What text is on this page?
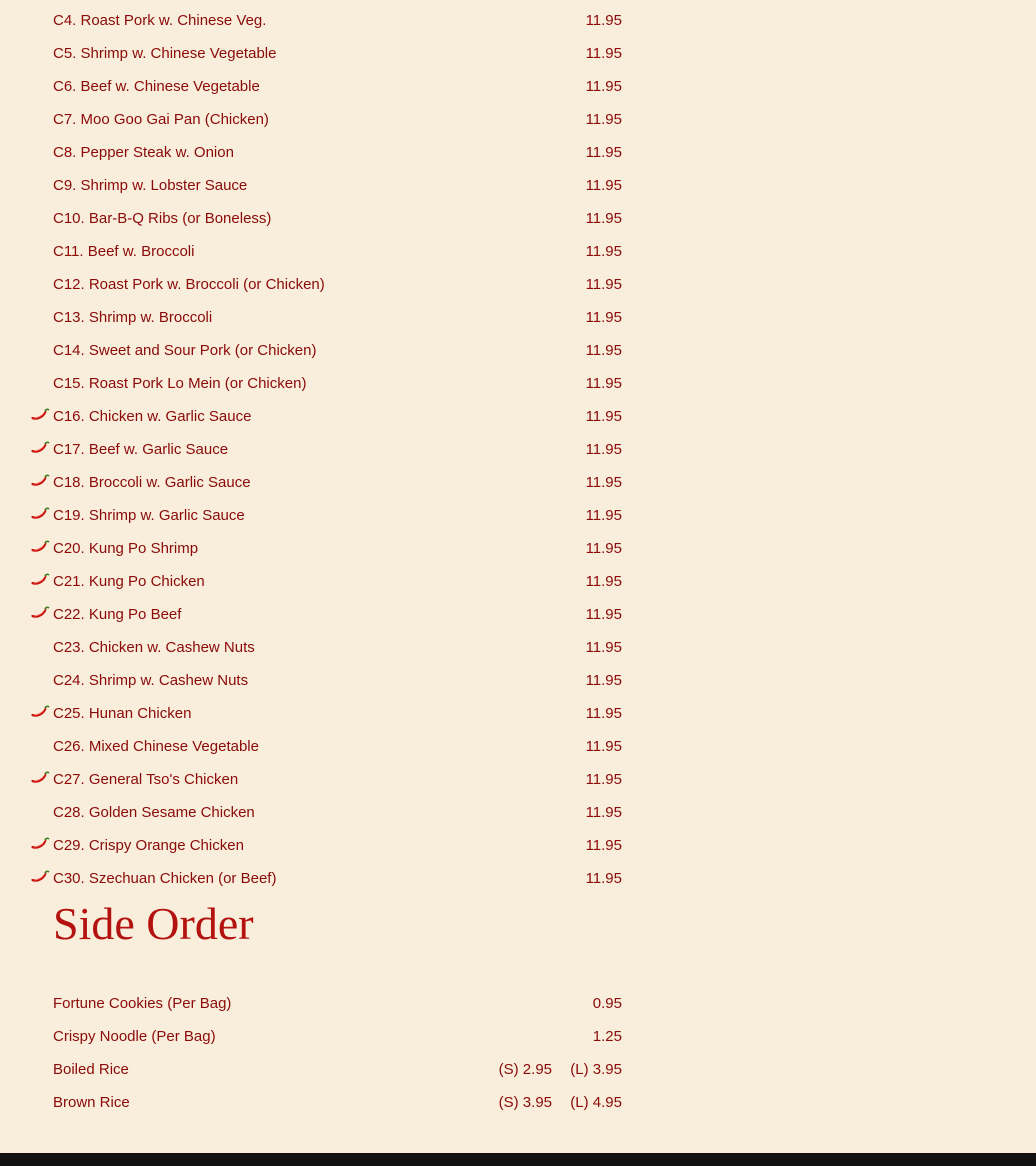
C4. Roast Pork w. Chinese Veg.	11.95
C5. Shrimp w. Chinese Vegetable	11.95
C6. Beef w. Chinese Vegetable	11.95
C7. Moo Goo Gai Pan (Chicken)	11.95
C8. Pepper Steak w. Onion	11.95
C9. Shrimp w. Lobster Sauce	11.95
C10. Bar-B-Q Ribs (or Boneless)	11.95
C11. Beef w. Broccoli	11.95
C12. Roast Pork w. Broccoli (or Chicken)	11.95
C13. Shrimp w. Broccoli	11.95
C14. Sweet and Sour Pork (or Chicken)	11.95
C15. Roast Pork Lo Mein (or Chicken)	11.95
C16. Chicken w. Garlic Sauce	11.95
C17. Beef w. Garlic Sauce	11.95
C18. Broccoli w. Garlic Sauce	11.95
C19. Shrimp w. Garlic Sauce	11.95
C20. Kung Po Shrimp	11.95
C21. Kung Po Chicken	11.95
C22. Kung Po Beef	11.95
C23. Chicken w. Cashew Nuts	11.95
C24. Shrimp w. Cashew Nuts	11.95
C25. Hunan Chicken	11.95
C26. Mixed Chinese Vegetable	11.95
C27. General Tso's Chicken	11.95
C28. Golden Sesame Chicken	11.95
C29. Crispy Orange Chicken	11.95
C30. Szechuan Chicken (or Beef)	11.95
Side Order
Fortune Cookies (Per Bag)	0.95
Crispy Noodle (Per Bag)	1.25
Boiled Rice	(S) 2.95 (L) 3.95
Brown Rice	(S) 3.95 (L) 4.95
